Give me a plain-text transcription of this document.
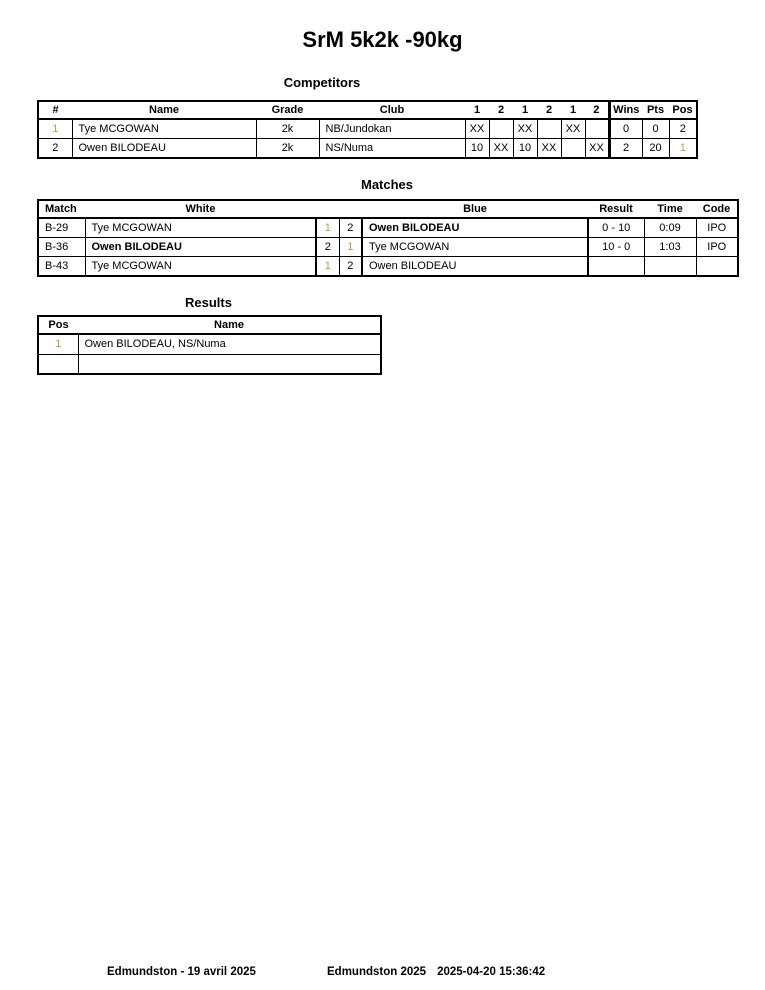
SrM 5k2k -90kg
Competitors
#	Name	Grade	Club	1	2	1	2	1	2	Wins	Pts	Pos
1	Tye MCGOWAN	2k	NB/Jundokan	XX		XX		XX		0	0	2
2	Owen BILODEAU	2k	NS/Numa	10	XX	10	XX		XX	2	20	1
Matches
Match	White			Blue	Result	Time	Code
B-29	Tye MCGOWAN	1	2	Owen BILODEAU	0 - 10	0:09	IPO
B-36	Owen BILODEAU	2	1	Tye MCGOWAN	10 - 0	1:03	IPO
B-43	Tye MCGOWAN	1	2	Owen BILODEAU			
Results
Pos	Name
1	Owen BILODEAU, NS/Numa

Edmundston - 19 avril 2025	Edmundston 2025 2025-04-20 15:36:42
